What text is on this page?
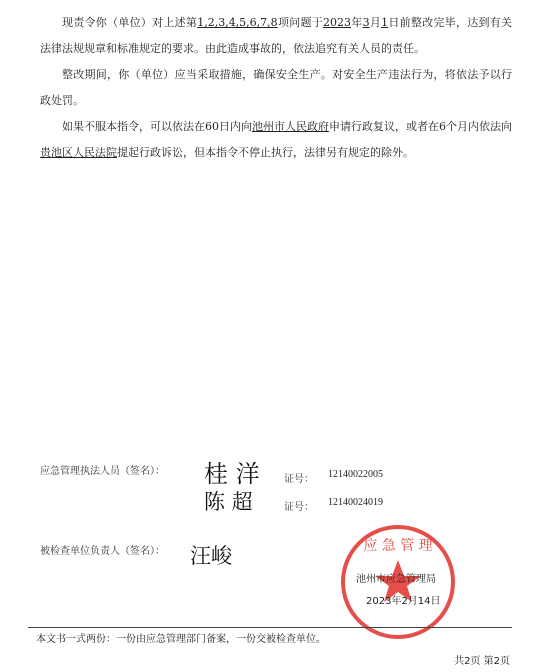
现责令你（单位）对上述第1,2,3,4,5,6,7,8项问题于2023年3月1日前整改完毕，达到有关法律法规规章和标准规定的要求。由此造成事故的，依法追究有关人员的责任。
整改期间，你（单位）应当采取措施，确保安全生产。对安全生产违法行为，将依法予以行政处罚。
如果不服本指令，可以依法在60日内向池州市人民政府申请行政复议，或者在6个月内依法向贵池区人民法院提起行政诉讼，但本指令不停止执行，法律另有规定的除外。
应急管理执法人员（签名）： 桂 洋 证号： 12140022005
陈 超	证号： 12140024019
被检查单位负责人（签名）： 汪峻	应 急 管 理
池州市应急管理局
2023年2月14日
本文书一式两份：一份由应急管理部门备案，一份交被检查单位。
共2页 第2页
